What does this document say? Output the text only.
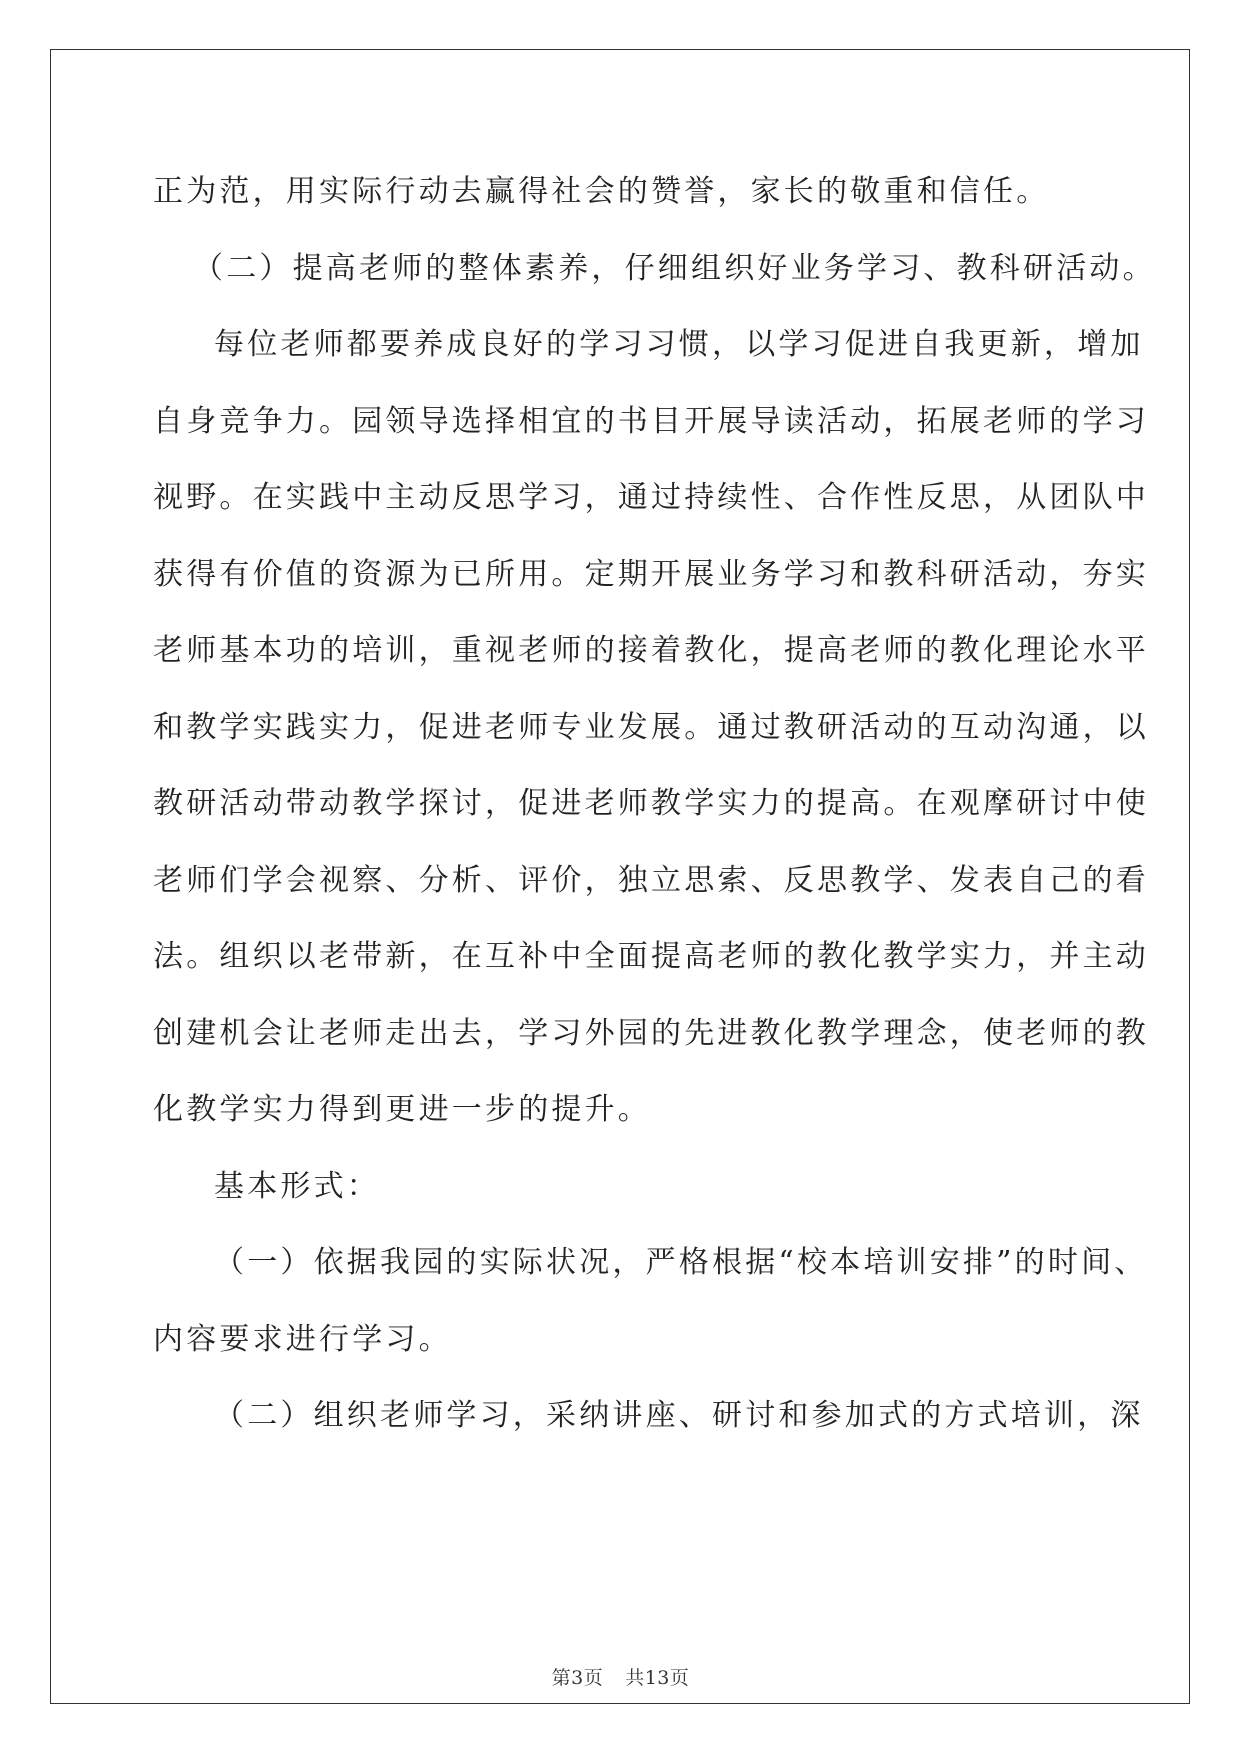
正为范，用实际行动去赢得社会的赞誉，家长的敬重和信任。
（二）提高老师的整体素养，仔细组织好业务学习、教科研活动。
每位老师都要养成良好的学习习惯，以学习促进自我更新，增加
自身竞争力。园领导选择相宜的书目开展导读活动，拓展老师的学习
视野。在实践中主动反思学习，通过持续性、合作性反思，从团队中
获得有价值的资源为已所用。定期开展业务学习和教科研活动，夯实
老师基本功的培训，重视老师的接着教化，提高老师的教化理论水平
和教学实践实力，促进老师专业发展。通过教研活动的互动沟通，以
教研活动带动教学探讨，促进老师教学实力的提高。在观摩研讨中使
老师们学会视察、分析、评价，独立思索、反思教学、发表自己的看
法。组织以老带新，在互补中全面提高老师的教化教学实力，并主动
创建机会让老师走出去，学习外园的先进教化教学理念，使老师的教
化教学实力得到更进一步的提升。
基本形式：
（一）依据我园的实际状况，严格根据“校本培训安排”的时间、
内容要求进行学习。
（二）组织老师学习，采纳讲座、研讨和参加式的方式培训，深
第3页 共13页
